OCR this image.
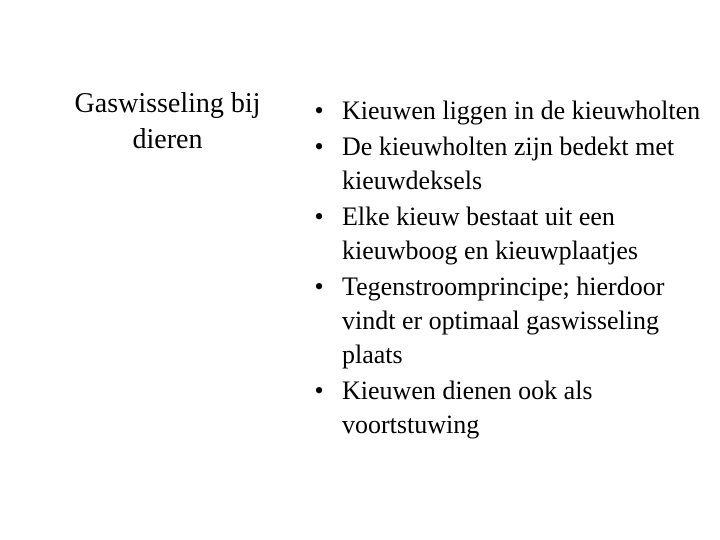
Gaswisseling bij dieren
• Kieuwen liggen in de kieuwholten
• De kieuwholten zijn bedekt met kieuwdeksels
• Elke kieuw bestaat uit een kieuwboog en kieuwplaatjes
• Tegenstroomprincipe; hierdoor vindt er optimaal gaswisseling plaats
• Kieuwen dienen ook als voortstuwing
